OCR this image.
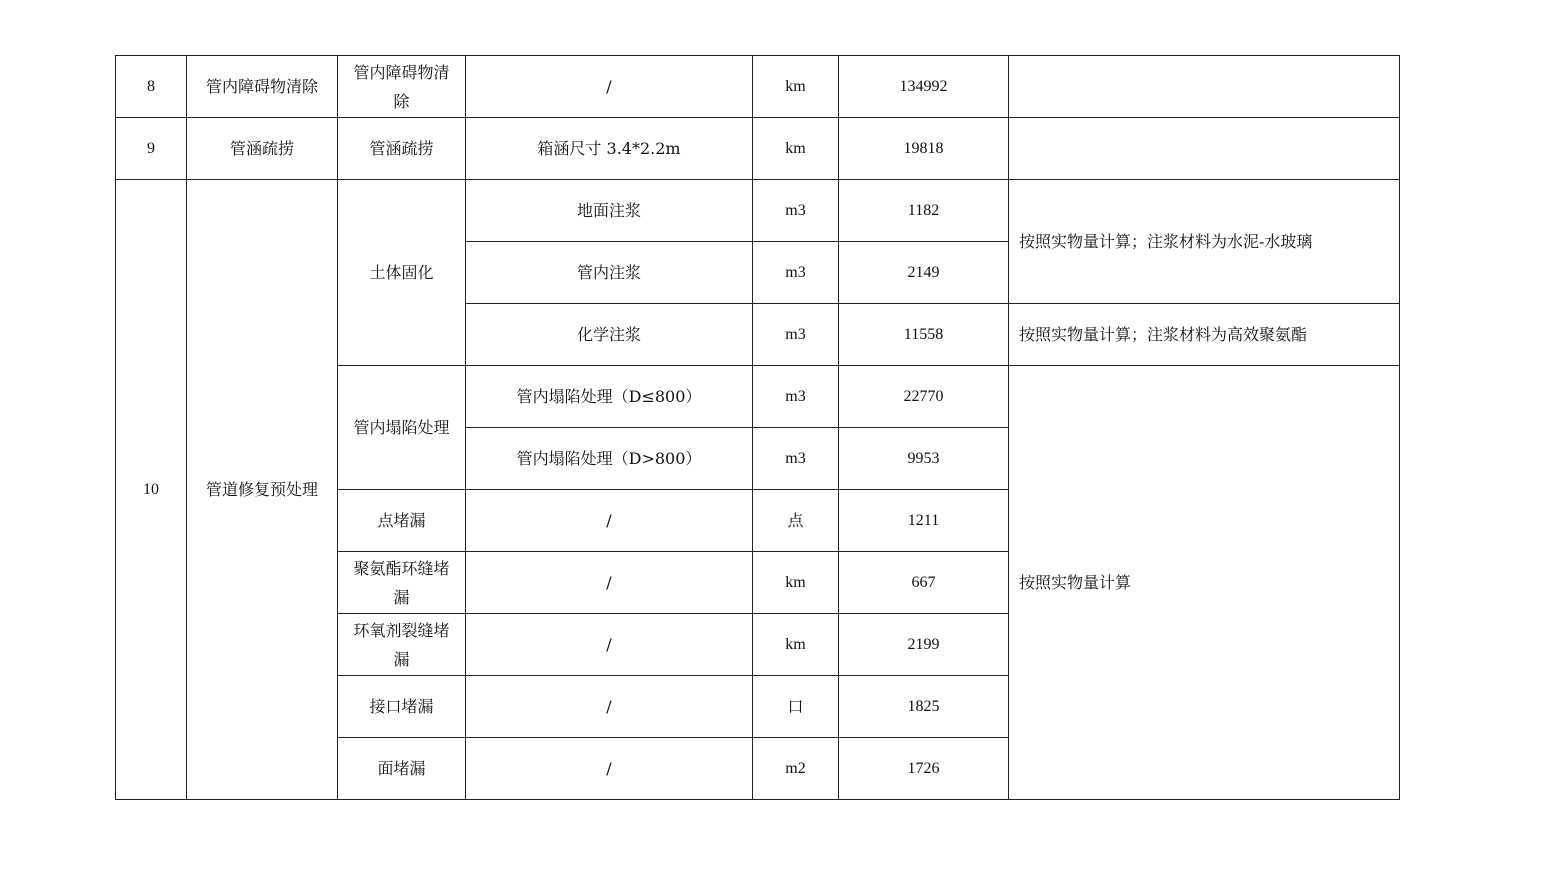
8	管内障碍物清除	管内障碍物清除	/	km	134992	
9	管涵疏捞	管涵疏捞	箱涵尺寸 3.4*2.2m	km	19818	
10	管道修复预处理	土体固化	地面注浆	m3	1182	按照实物量计算；注浆材料为水泥-水玻璃
			管内注浆	m3	2149	
			化学注浆	m3	11558	按照实物量计算；注浆材料为高效聚氨酯
		管内塌陷处理	管内塌陷处理（D≤800）	m3	22770	按照实物量计算
			管内塌陷处理（D>800）	m3	9953	
		点堵漏	/	点	1211	
		聚氨酯环缝堵漏	/	km	667	
		环氧剂裂缝堵漏	/	km	2199	
		接口堵漏	/	口	1825	
		面堵漏	/	m2	1726	
